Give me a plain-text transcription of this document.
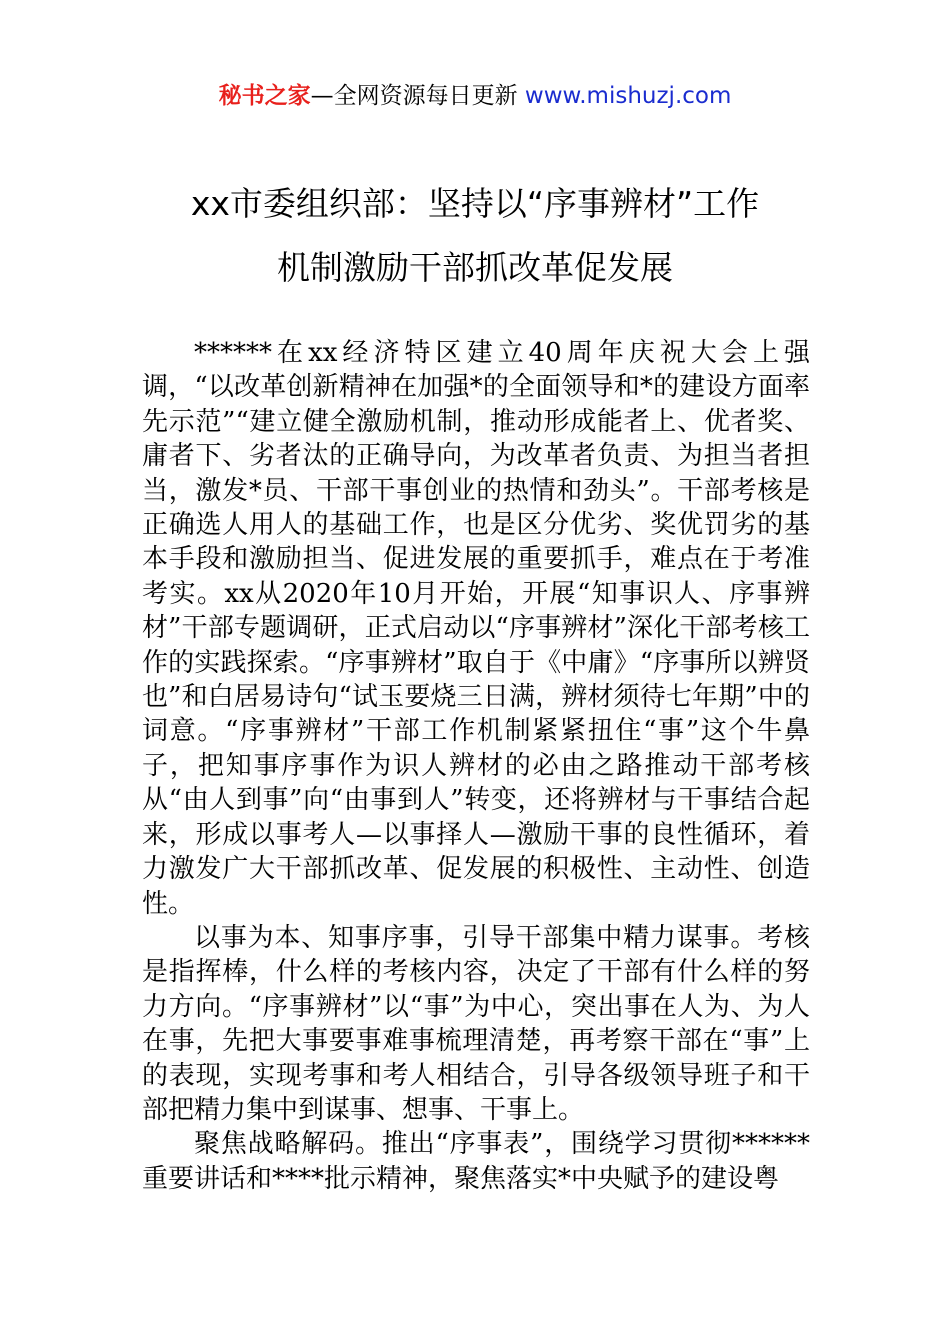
秘书之家—全网资源每日更新 www.mishuzj.com
xx市委组织部：坚持以“序事辨材”工作
机制激励干部抓改革促发展

******在xx经济特区建立40周年庆祝大会上强调，“以改革创新精神在加强*的全面领导和*的建设方面率先示范”“建立健全激励机制，推动形成能者上、优者奖、庸者下、劣者汰的正确导向，为改革者负责、为担当者担当，激发*员、干部干事创业的热情和劲头”。干部考核是正确选人用人的基础工作，也是区分优劣、奖优罚劣的基本手段和激励担当、促进发展的重要抓手，难点在于考准考实。xx从2020年10月开始，开展“知事识人、序事辨材”干部专题调研，正式启动以“序事辨材”深化干部考核工作的实践探索。“序事辨材”取自于《中庸》“序事所以辨贤也”和白居易诗句“试玉要烧三日满，辨材须待七年期”中的词意。“序事辨材”干部工作机制紧紧扭住“事”这个牛鼻子，把知事序事作为识人辨材的必由之路推动干部考核从“由人到事”向“由事到人”转变，还将辨材与干事结合起来，形成以事考人—以事择人—激励干事的良性循环，着力激发广大干部抓改革、促发展的积极性、主动性、创造性。

以事为本、知事序事，引导干部集中精力谋事。考核是指挥棒，什么样的考核内容，决定了干部有什么样的努力方向。“序事辨材”以“事”为中心，突出事在人为、为人在事，先把大事要事难事梳理清楚，再考察干部在“事”上的表现，实现考事和考人相结合，引导各级领导班子和干部把精力集中到谋事、想事、干事上。

聚焦战略解码。推出“序事表”，围绕学习贯彻******重要讲话和****批示精神，聚焦落实*中央赋予的建设粤
